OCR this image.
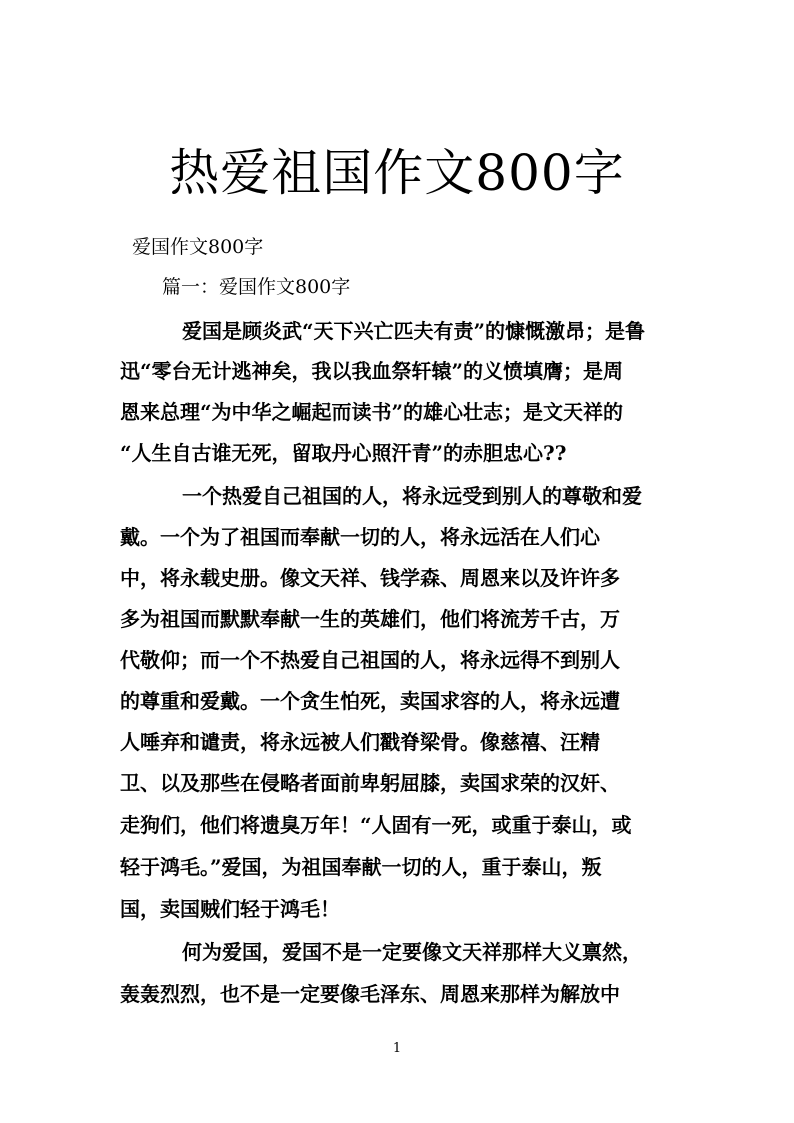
热爱祖国作文800字
爱国作文800字
篇一：爱国作文800字
爱国是顾炎武“天下兴亡匹夫有责”的慷慨激昂；是鲁
迅“零台无计逃神矣，我以我血祭轩辕”的义愤填膺；是周
恩来总理“为中华之崛起而读书”的雄心壮志；是文天祥的
“人生自古谁无死，留取丹心照汗青”的赤胆忠心??
一个热爱自己祖国的人，将永远受到别人的尊敬和爱
戴。一个为了祖国而奉献一切的人，将永远活在人们心
中，将永载史册。像文天祥、钱学森、周恩来以及许许多
多为祖国而默默奉献一生的英雄们，他们将流芳千古，万
代敬仰；而一个不热爱自己祖国的人，将永远得不到别人
的尊重和爱戴。一个贪生怕死，卖国求容的人，将永远遭
人唾弃和谴责，将永远被人们戳脊梁骨。像慈禧、汪精
卫、以及那些在侵略者面前卑躬屈膝，卖国求荣的汉奸、
走狗们，他们将遗臭万年！“人固有一死，或重于泰山，或
轻于鸿毛。”爱国，为祖国奉献一切的人，重于泰山，叛
国，卖国贼们轻于鸿毛！
何为爱国，爱国不是一定要像文天祥那样大义禀然，
轰轰烈烈，也不是一定要像毛泽东、周恩来那样为解放中
1
